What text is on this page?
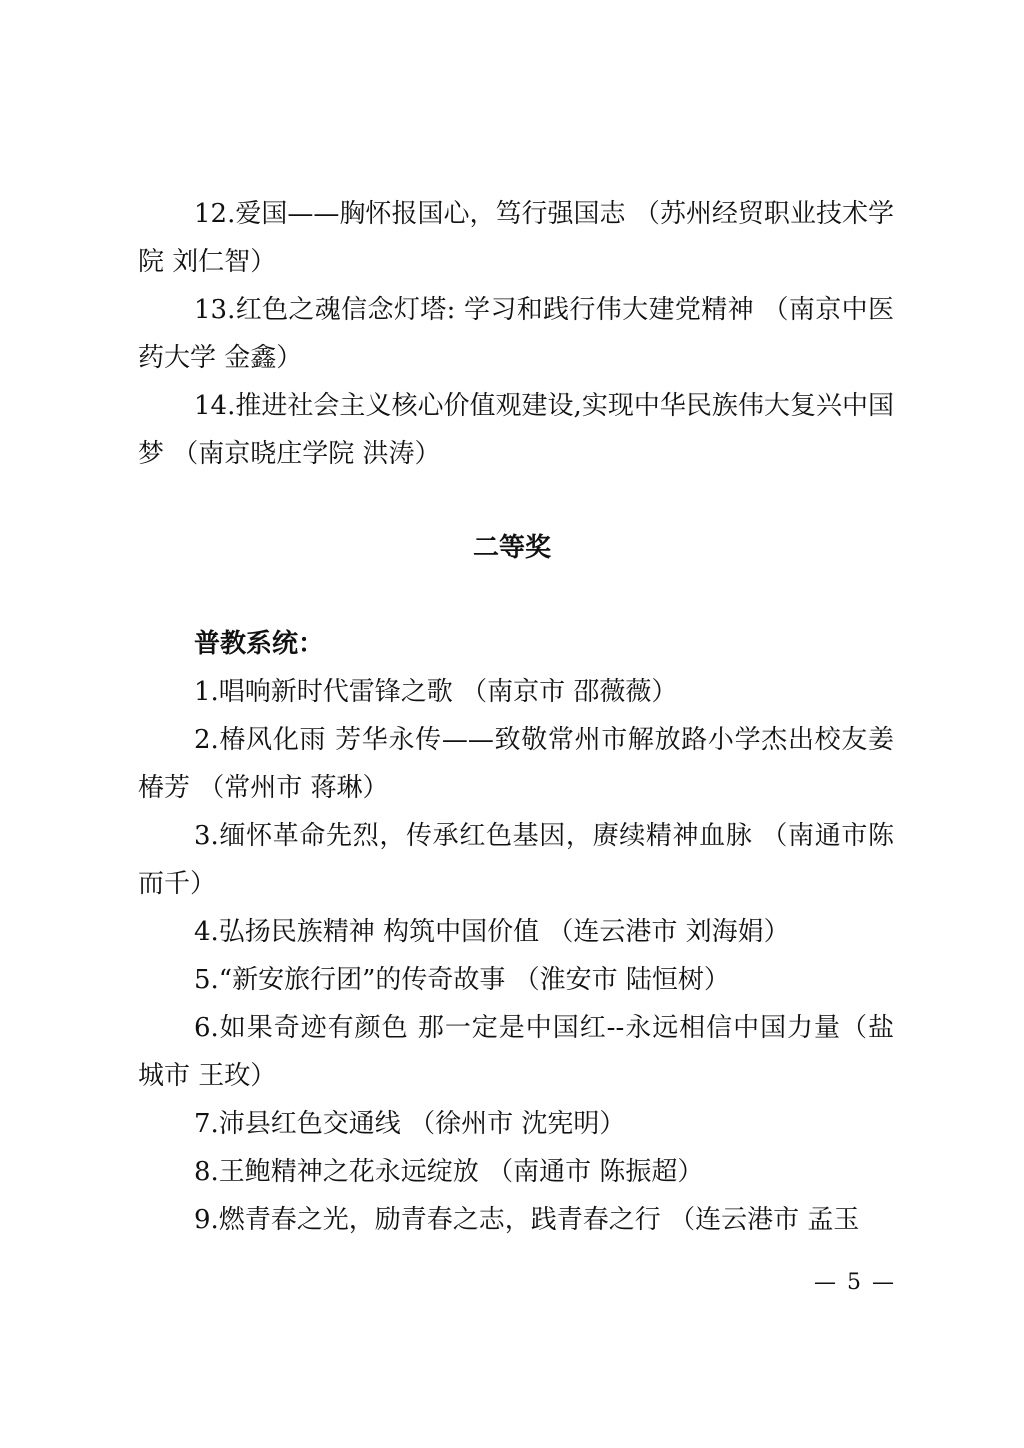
12.爱国——胸怀报国心，笃行强国志 （苏州经贸职业技术学院 刘仁智）

13.红色之魂信念灯塔: 学习和践行伟大建党精神 （南京中医药大学 金鑫）

14.推进社会主义核心价值观建设,实现中华民族伟大复兴中国梦 （南京晓庄学院 洪涛）

二等奖

普教系统：

1.唱响新时代雷锋之歌 （南京市 邵薇薇）

2.椿风化雨 芳华永传——致敬常州市解放路小学杰出校友姜椿芳 （常州市 蒋琳）

3.缅怀革命先烈，传承红色基因，赓续精神血脉 （南通市陈而千）

4.弘扬民族精神 构筑中国价值 （连云港市 刘海娟）

5.“新安旅行团”的传奇故事 （淮安市 陆恒树）

6.如果奇迹有颜色 那一定是中国红--永远相信中国力量（盐城市 王玫）

7.沛县红色交通线 （徐州市 沈宪明）

8.王鲍精神之花永远绽放 （南通市 陈振超）

9.燃青春之光，励青春之志，践青春之行 （连云港市 孟玉

— 5 —
